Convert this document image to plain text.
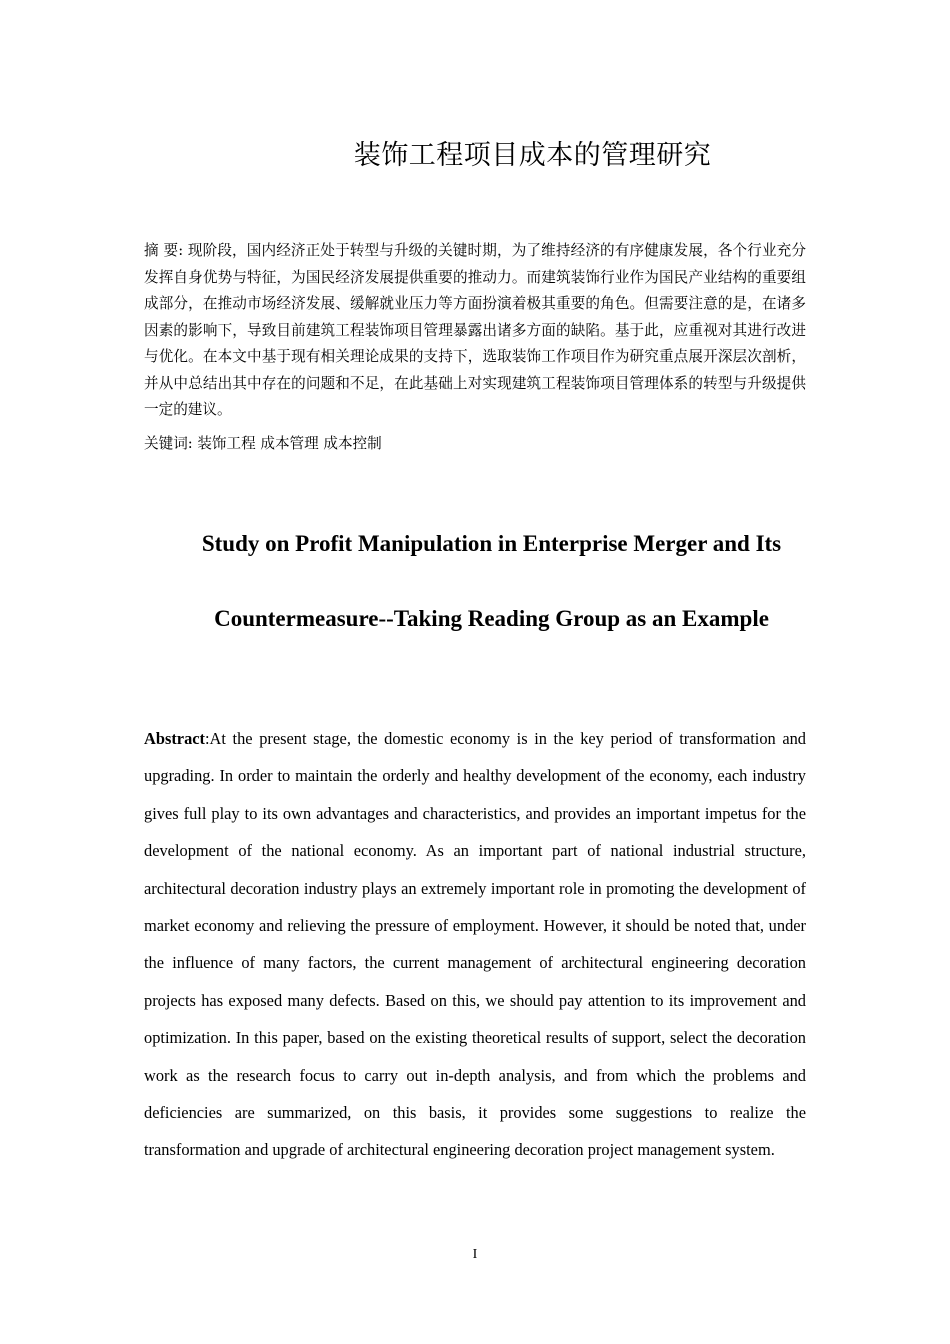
装饰工程项目成本的管理研究
摘 要: 现阶段，国内经济正处于转型与升级的关键时期，为了维持经济的有序健康发展，各个行业充分发挥自身优势与特征，为国民经济发展提供重要的推动力。而建筑装饰行业作为国民产业结构的重要组成部分，在推动市场经济发展、缓解就业压力等方面扮演着极其重要的角色。但需要注意的是，在诸多因素的影响下，导致目前建筑工程装饰项目管理暴露出诸多方面的缺陷。基于此，应重视对其进行改进与优化。在本文中基于现有相关理论成果的支持下，选取装饰工作项目作为研究重点展开深层次剖析，并从中总结出其中存在的问题和不足，在此基础上对实现建筑工程装饰项目管理体系的转型与升级提供一定的建议。
关键词: 装饰工程 成本管理 成本控制
Study on Profit Manipulation in Enterprise Merger and Its
Countermeasure--Taking Reading Group as an Example
Abstract:At the present stage, the domestic economy is in the key period of transformation and upgrading. In order to maintain the orderly and healthy development of the economy, each industry gives full play to its own advantages and characteristics, and provides an important impetus for the development of the national economy. As an important part of national industrial structure, architectural decoration industry plays an extremely important role in promoting the development of market economy and relieving the pressure of employment. However, it should be noted that, under the influence of many factors, the current management of architectural engineering decoration projects has exposed many defects. Based on this, we should pay attention to its improvement and optimization. In this paper, based on the existing theoretical results of support, select the decoration work as the research focus to carry out in-depth analysis, and from which the problems and deficiencies are summarized, on this basis, it provides some suggestions to realize the transformation and upgrade of architectural engineering decoration project management system.
I
